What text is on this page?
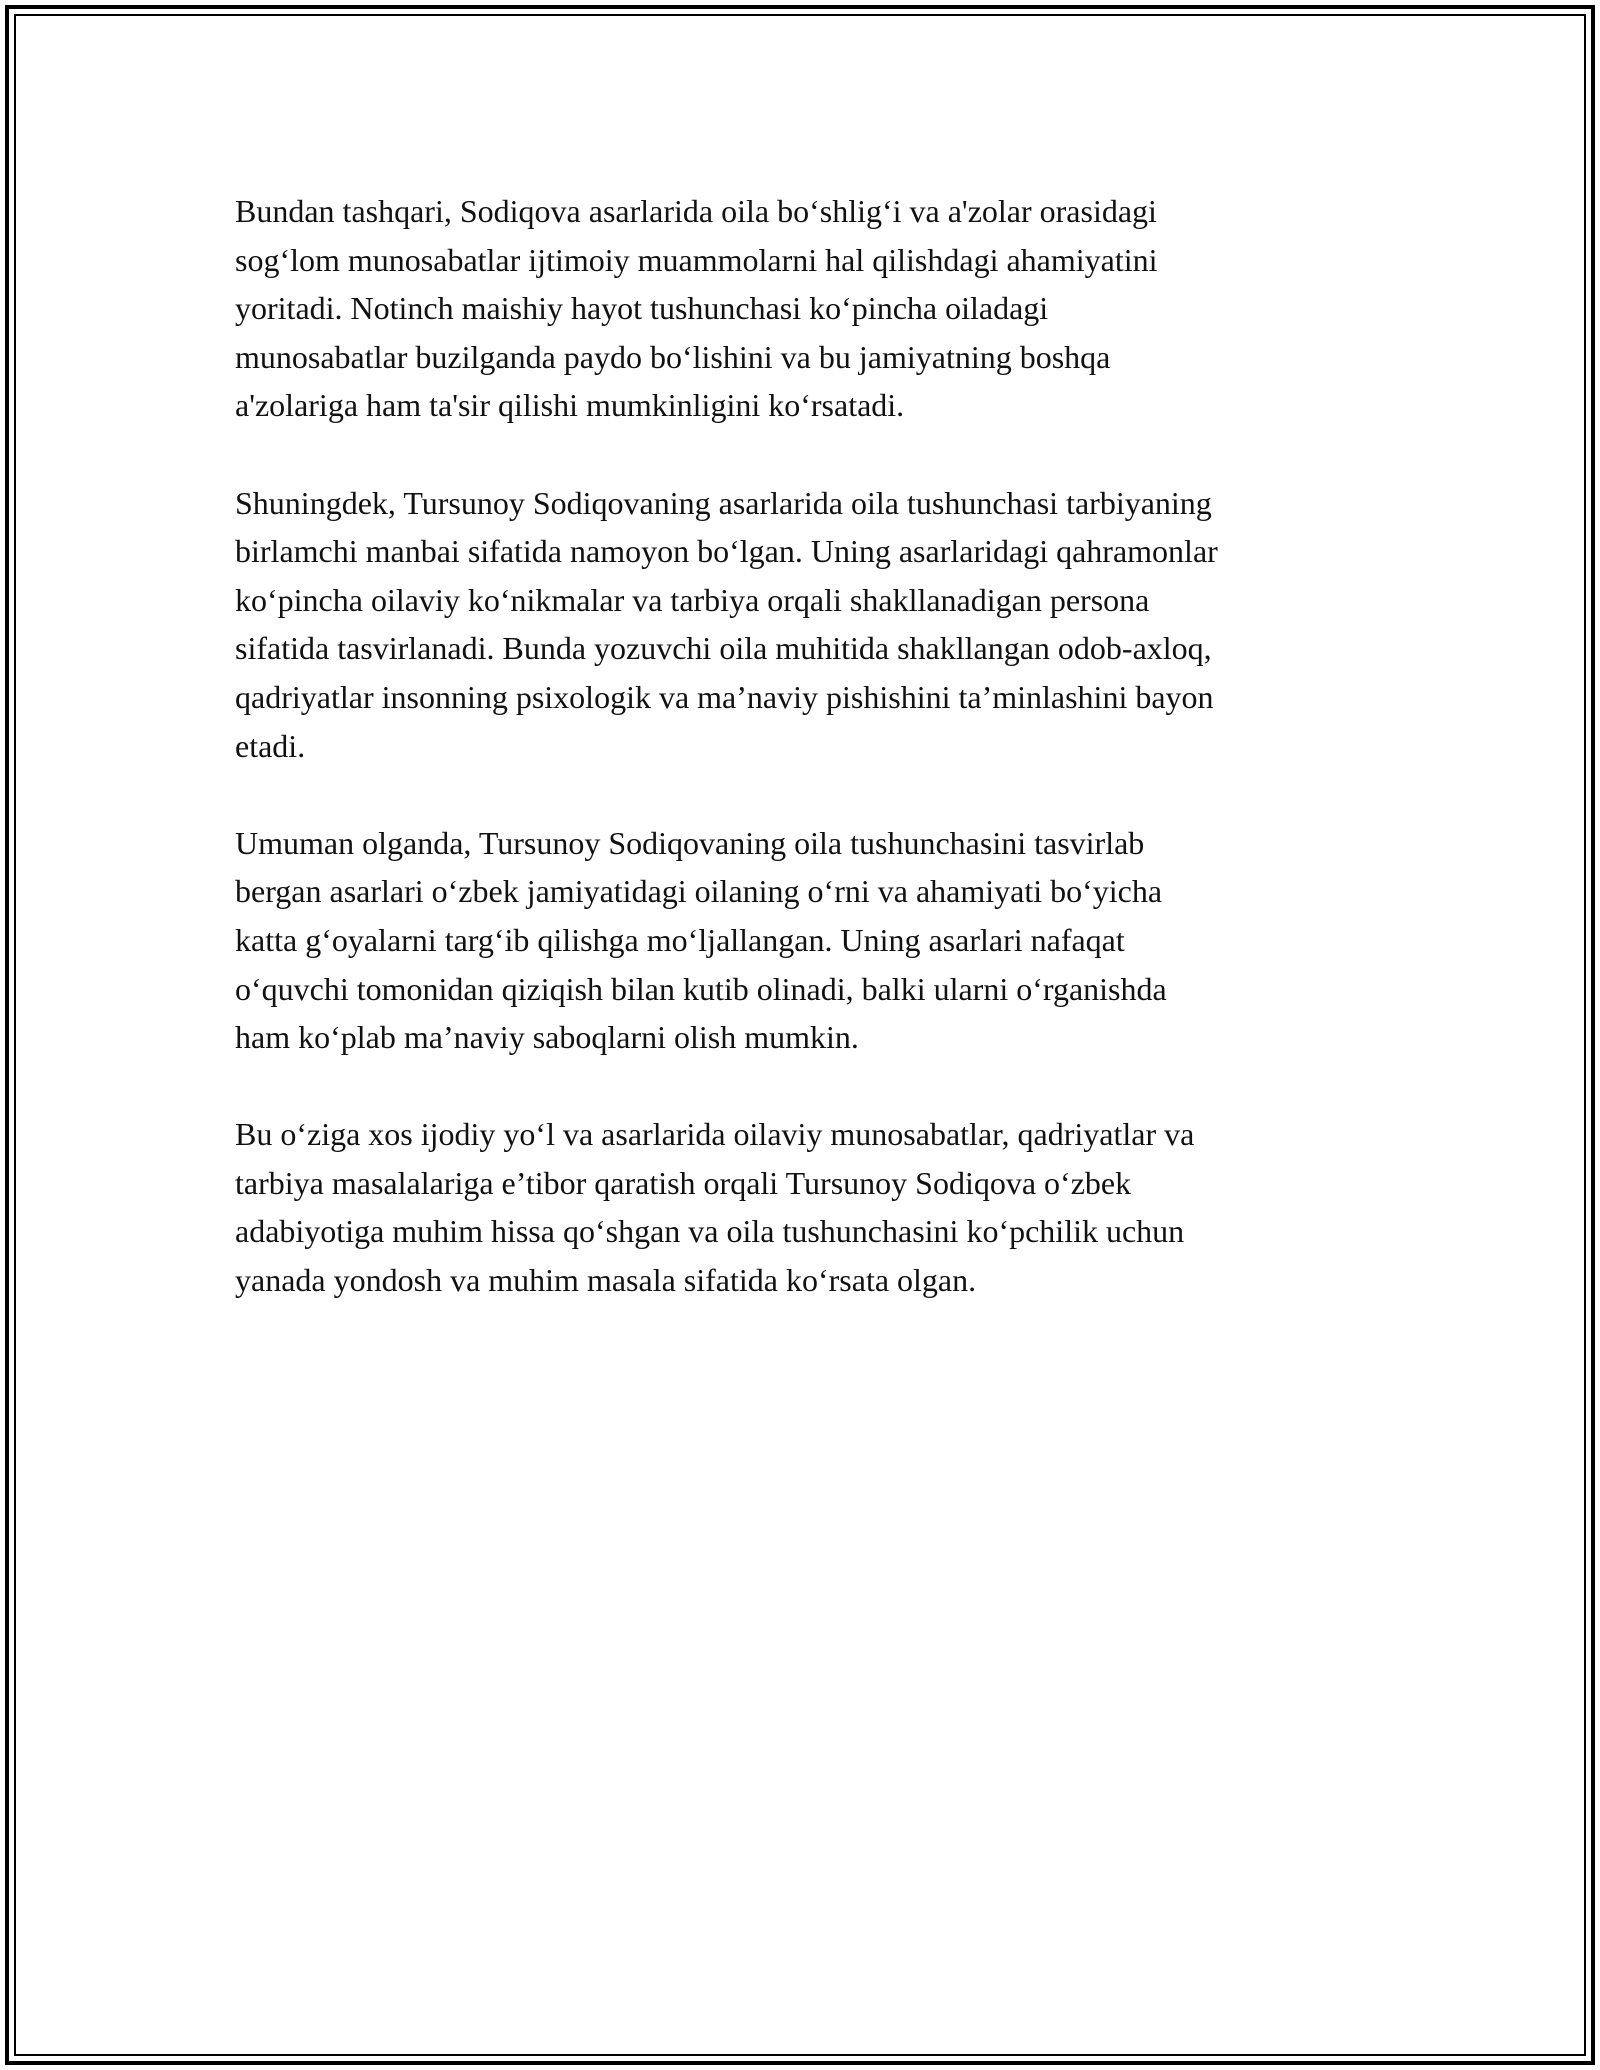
Bundan tashqari, Sodiqova asarlarida oila bo‘shlig‘i va a'zolar orasidagi
sog‘lom munosabatlar ijtimoiy muammolarni hal qilishdagi ahamiyatini
yoritadi. Notinch maishiy hayot tushunchasi ko‘pincha oiladagi
munosabatlar buzilganda paydo bo‘lishini va bu jamiyatning boshqa
a'zolariga ham ta'sir qilishi mumkinligini ko‘rsatadi.

Shuningdek, Tursunoy Sodiqovaning asarlarida oila tushunchasi tarbiyaning
birlamchi manbai sifatida namoyon bo‘lgan. Uning asarlaridagi qahramonlar
ko‘pincha oilaviy ko‘nikmalar va tarbiya orqali shakllanadigan persona
sifatida tasvirlanadi. Bunda yozuvchi oila muhitida shakllangan odob-axloq,
qadriyatlar insonning psixologik va ma’naviy pishishini ta’minlashini bayon
etadi.

Umuman olganda, Tursunoy Sodiqovaning oila tushunchasini tasvirlab
bergan asarlari o‘zbek jamiyatidagi oilaning o‘rni va ahamiyati bo‘yicha
katta g‘oyalarni targ‘ib qilishga mo‘ljallangan. Uning asarlari nafaqat
o‘quvchi tomonidan qiziqish bilan kutib olinadi, balki ularni o‘rganishda
ham ko‘plab ma’naviy saboqlarni olish mumkin.

Bu o‘ziga xos ijodiy yo‘l va asarlarida oilaviy munosabatlar, qadriyatlar va
tarbiya masalalariga e’tibor qaratish orqali Tursunoy Sodiqova o‘zbek
adabiyotiga muhim hissa qo‘shgan va oila tushunchasini ko‘pchilik uchun
yanada yondosh va muhim masala sifatida ko‘rsata olgan.
